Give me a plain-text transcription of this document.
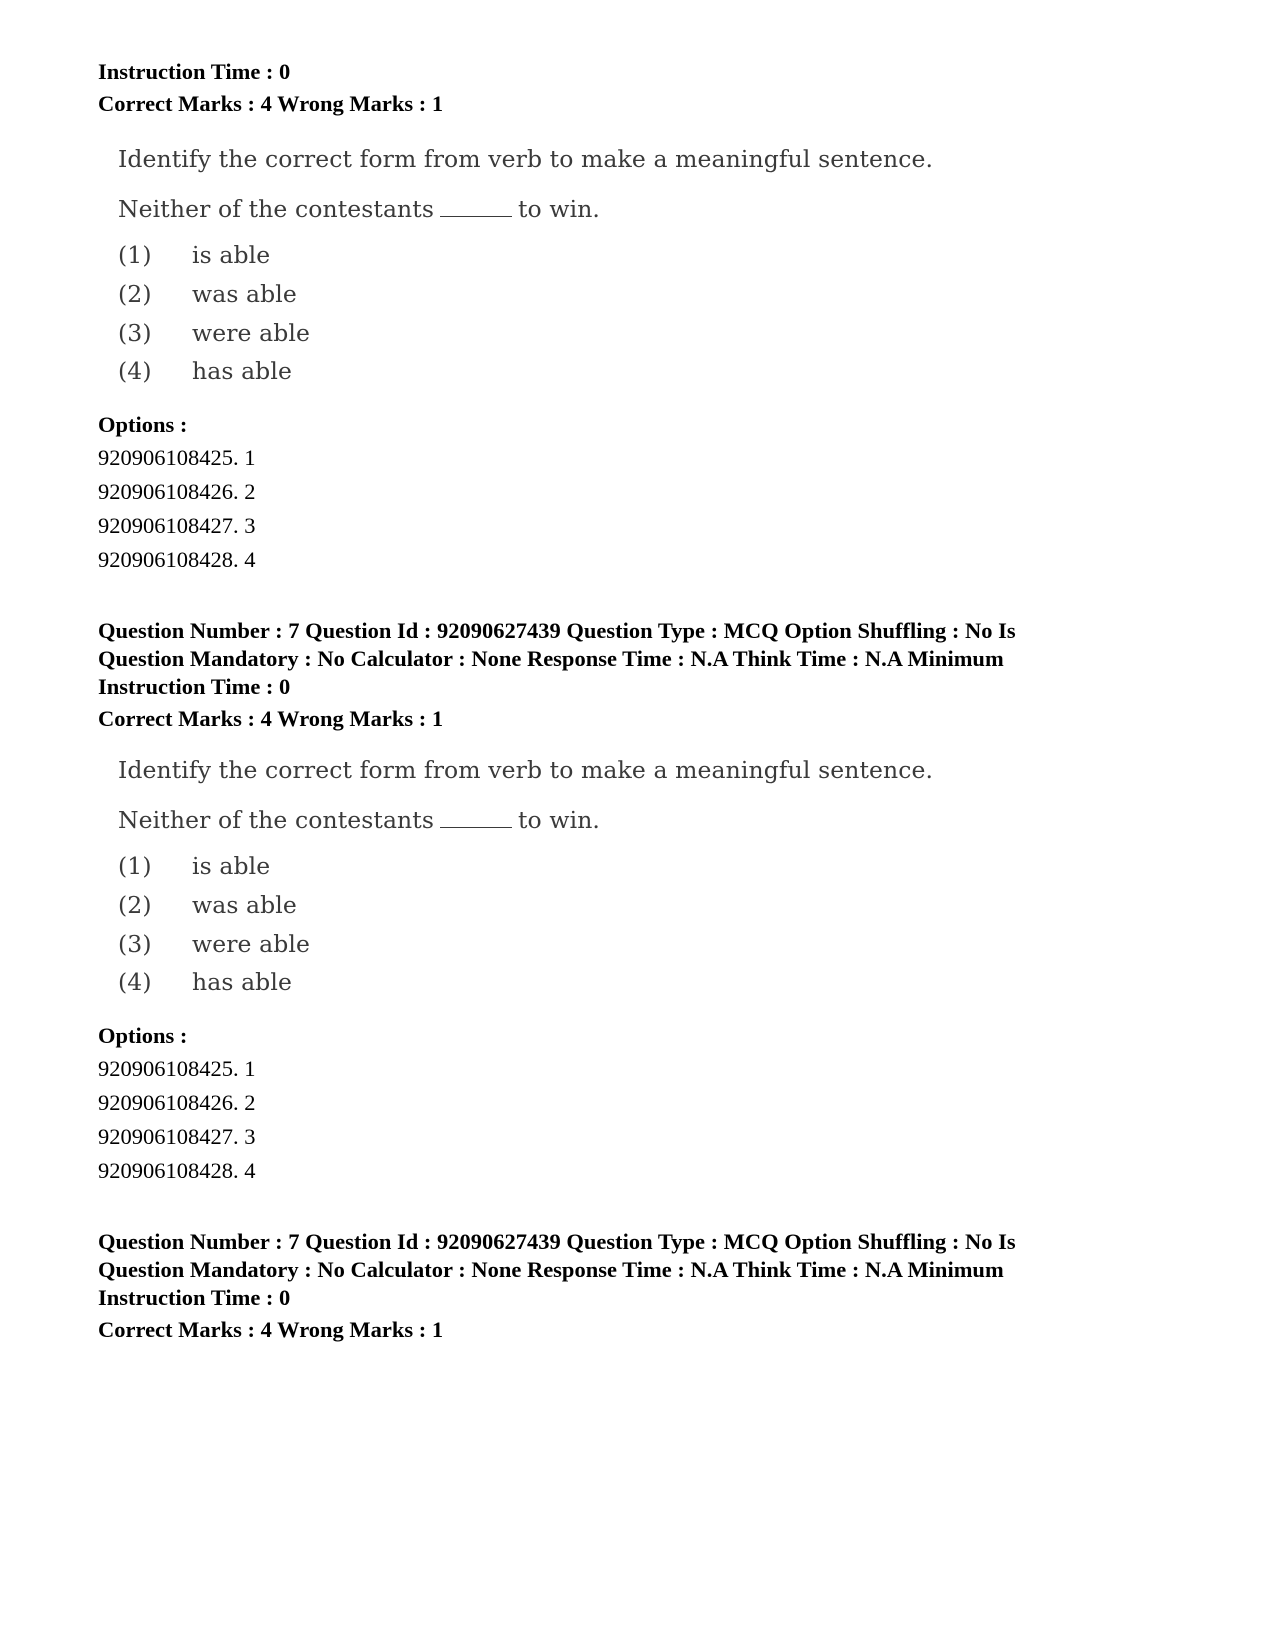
Instruction Time : 0

Correct Marks : 4 Wrong Marks : 1

Identify the correct form from verb to make a meaningful sentence.
Neither of the contestants	to win.
(1) is able
(2) was able
(3) were able
(4) has able

Options :

920906108425. 1

920906108426. 2

920906108427. 3

920906108428. 4

Question Number : 7 Question Id : 92090627439 Question Type : MCQ Option Shuffling : No Is

Question Mandatory : No Calculator : None Response Time : N.A Think Time : N.A Minimum

Instruction Time : 0

Correct Marks : 4 Wrong Marks : 1

Identify the correct form from verb to make a meaningful sentence.
Neither of the contestants	to win.
(1) is able
(2) was able
(3) were able
(4) has able

Options :

920906108425. 1

920906108426. 2

920906108427. 3

920906108428. 4

Question Number : 7 Question Id : 92090627439 Question Type : MCQ Option Shuffling : No Is

Question Mandatory : No Calculator : None Response Time : N.A Think Time : N.A Minimum

Instruction Time : 0

Correct Marks : 4 Wrong Marks : 1
